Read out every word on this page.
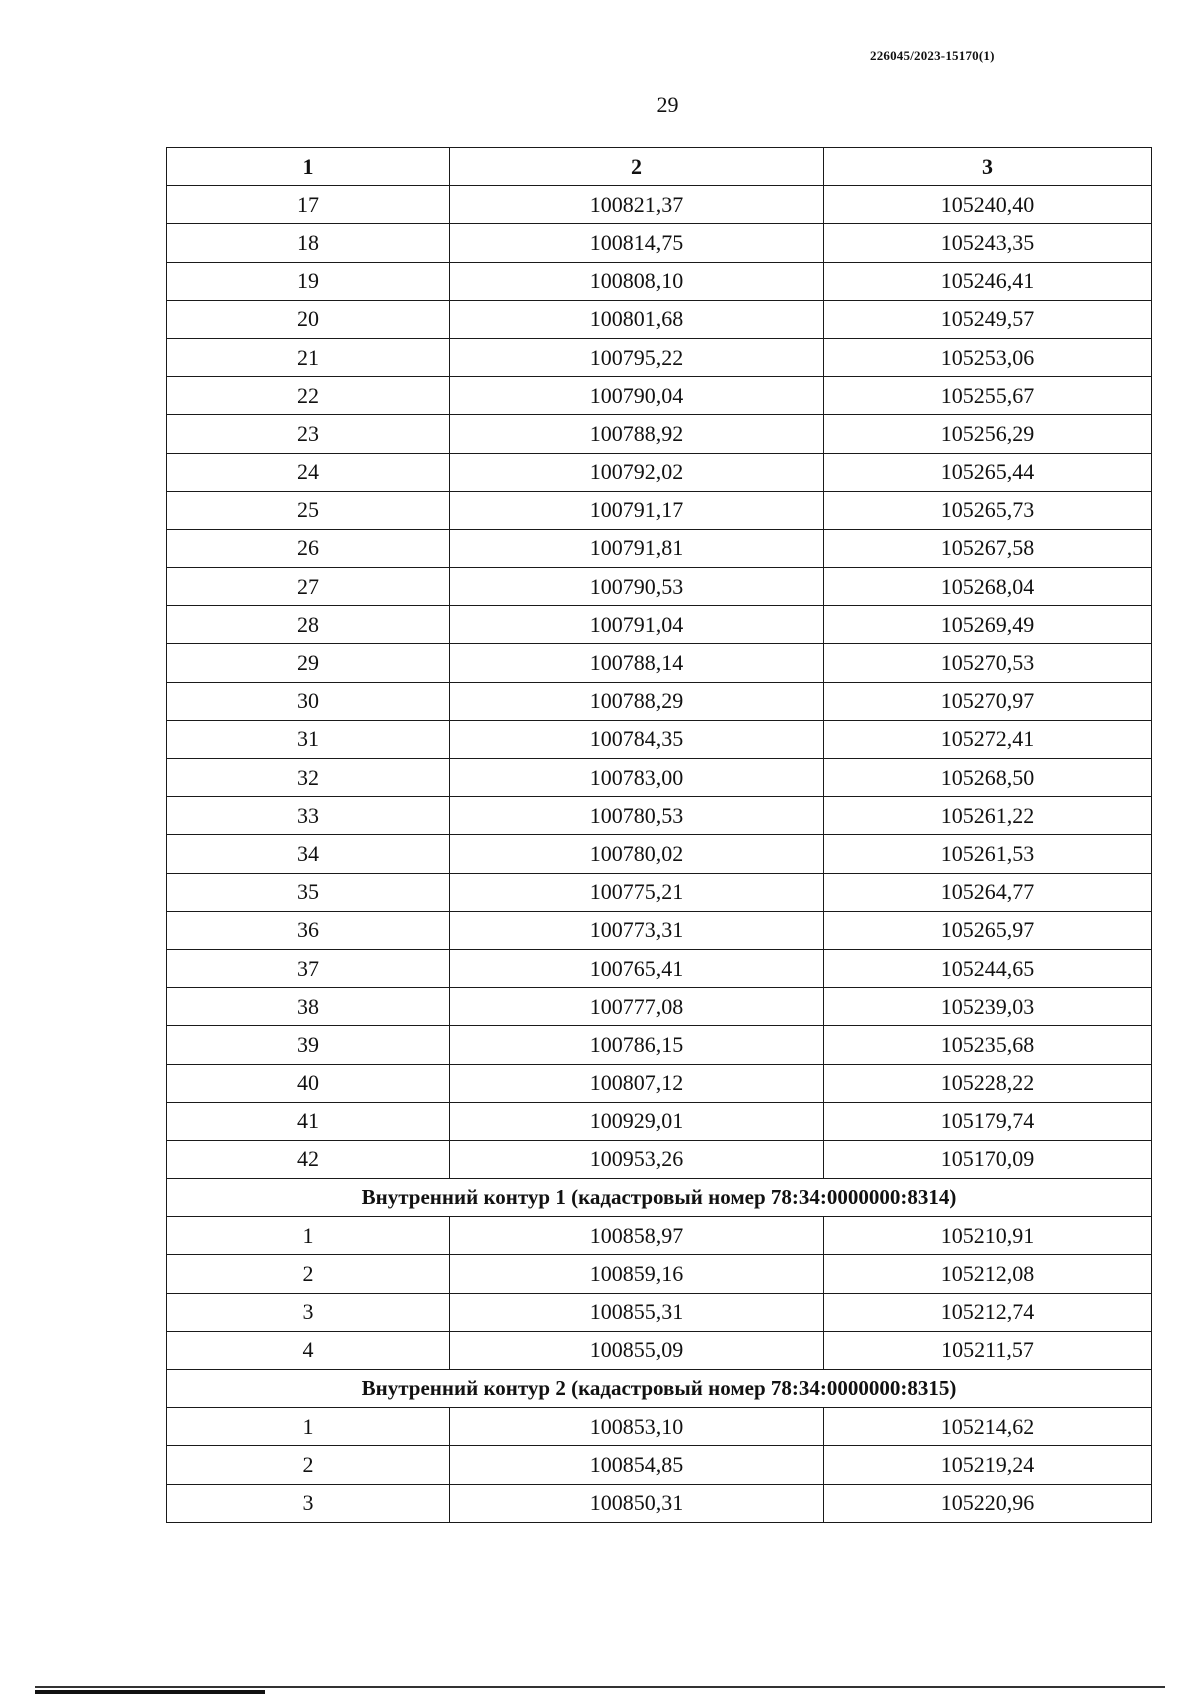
226045/2023-15170(1)
29
1	2	3
17	100821,37	105240,40
18	100814,75	105243,35
19	100808,10	105246,41
20	100801,68	105249,57
21	100795,22	105253,06
22	100790,04	105255,67
23	100788,92	105256,29
24	100792,02	105265,44
25	100791,17	105265,73
26	100791,81	105267,58
27	100790,53	105268,04
28	100791,04	105269,49
29	100788,14	105270,53
30	100788,29	105270,97
31	100784,35	105272,41
32	100783,00	105268,50
33	100780,53	105261,22
34	100780,02	105261,53
35	100775,21	105264,77
36	100773,31	105265,97
37	100765,41	105244,65
38	100777,08	105239,03
39	100786,15	105235,68
40	100807,12	105228,22
41	100929,01	105179,74
42	100953,26	105170,09
Внутренний контур 1 (кадастровый номер 78:34:0000000:8314)		
1	100858,97	105210,91
2	100859,16	105212,08
3	100855,31	105212,74
4	100855,09	105211,57
Внутренний контур 2 (кадастровый номер 78:34:0000000:8315)		
1	100853,10	105214,62
2	100854,85	105219,24
3	100850,31	105220,96
